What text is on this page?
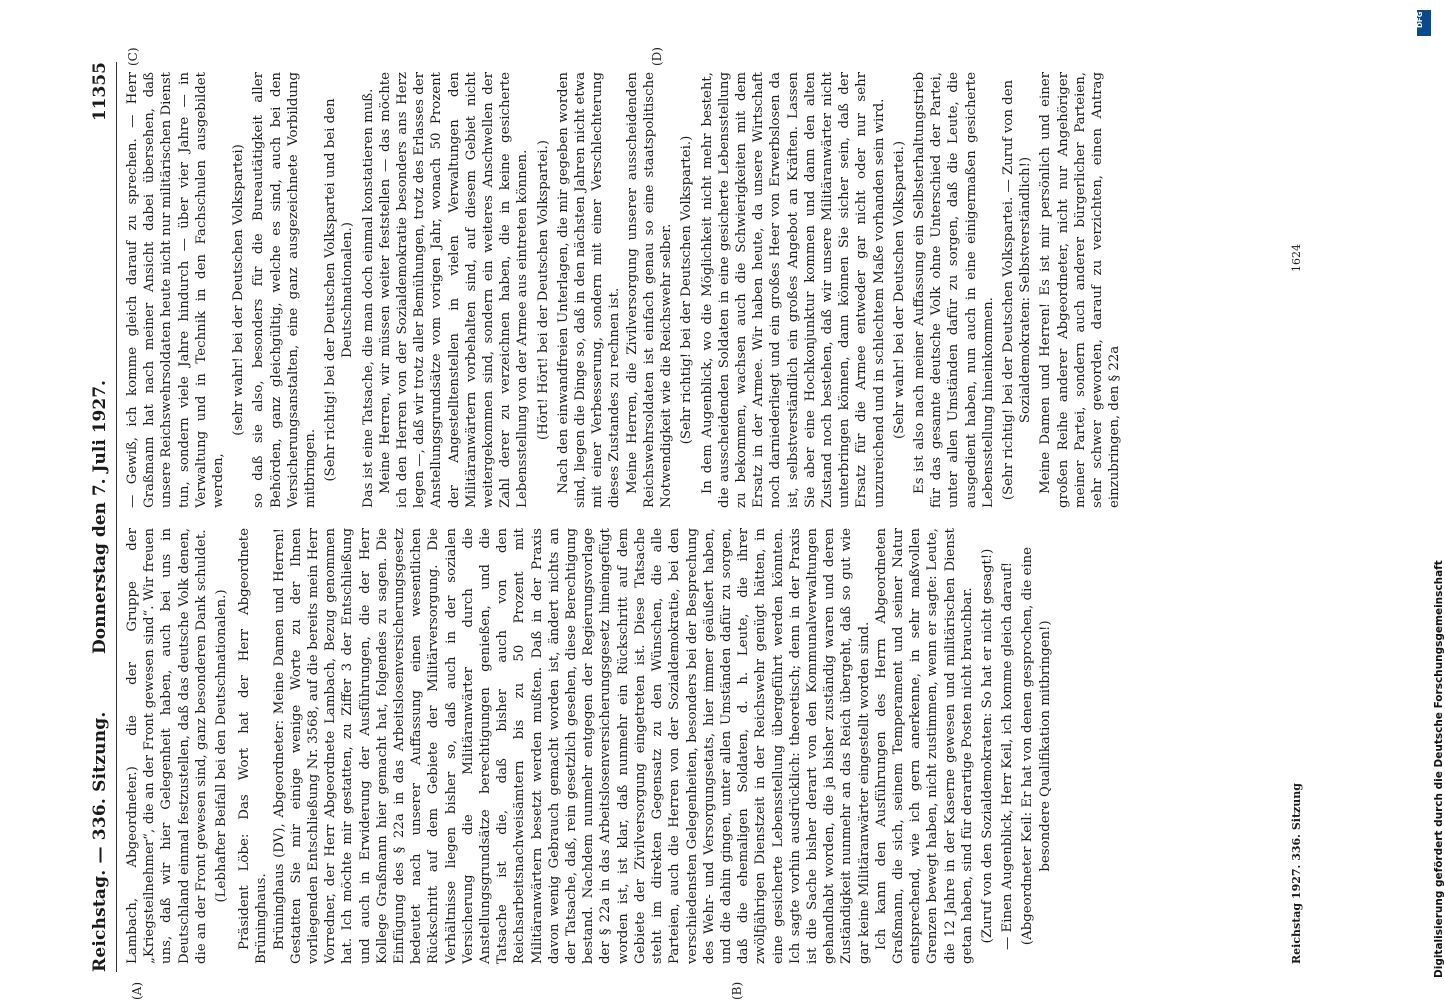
Reichstag. — 336. Sitzung.
Donnerstag den 7. Juli 1927.
11355
(A)	(B)
(C)	(D)

Lambach, Abgeordneter.) die der Gruppe der „Kriegsteilnehmer“, die an der Front gewesen sind“. Wir freuen uns, daß wir hier Gelegenheit haben, auch bei uns in Deutschland einmal festzustellen, daß das deutsche Volk denen, die an der Front gewesen sind, ganz besonderen Dank schuldet. (Lebhafter Beifall bei den Deutschnationalen.) Präsident Löbe: Das Wort hat der Herr Abgeordnete Brüninghaus. Brüninghaus (DV), Abgeordneter: Meine Damen und Herren! Gestatten Sie mir einige wenige Worte zu der Ihnen vorliegenden Entschließung Nr. 3568, auf die bereits mein Herr Vorredner, der Herr Abgeordnete Lambach, Bezug genommen hat. Ich möchte mir gestatten, zu Ziffer 3 der Entschließung und auch in Erwiderung der Ausführungen, die der Herr Kollege Graßmann hier gemacht hat, folgendes zu sagen. Die Einfügung des § 22a in das Arbeitslosenversicherungsgesetz bedeutet nach unserer Auffassung einen wesentlichen Rückschritt auf dem Gebiete der Militärversorgung. Die Verhältnisse liegen bisher so, daß auch in der sozialen Versicherung die Militäranwärter durch die Anstellungsgrundsätze berechtigungen genießen, und die Tatsache ist die, daß bisher auch von den Reichsarbeitsnachweisämtern bis zu 50 Prozent mit Militäranwärtern besetzt werden mußten. Daß in der Praxis davon wenig Gebrauch gemacht worden ist, ändert nichts an der Tatsache, daß, rein gesetzlich gesehen, diese Berechtigung bestand. Nachdem nunmehr entgegen der Regierungsvorlage der § 22a in das Arbeitslosenversicherungsgesetz hineingefügt worden ist, ist klar, daß nunmehr ein Rückschritt auf dem Gebiete der Zivilversorgung eingetreten ist. Diese Tatsache steht im direkten Gegensatz zu den Wünschen, die alle Parteien, auch die Herren von der Sozialdemokratie, bei den verschiedensten Gelegenheiten, besonders bei der Besprechung des Wehr- und Versorgungsetats, hier immer geäußert haben, und die dahin gingen, unter allen Umständen dafür zu sorgen, daß die ehemaligen Soldaten, d. h. Leute, die ihrer zwölfjährigen Dienstzeit in der Reichswehr genügt hätten, in eine gesicherte Lebensstellung übergeführt werden könnten. Ich sagte vorhin ausdrücklich: theoretisch; denn in der Praxis ist die Sache bisher derart von den Kommunalverwaltungen gehandhabt worden, die ja bisher zuständig waren und deren Zuständigkeit nunmehr an das Reich übergeht, daß so gut wie gar keine Militäranwärter eingestellt worden sind. Ich kann den Ausführungen des Herrn Abgeordneten Graßmann, die sich, seinem Temperament und seiner Natur entsprechend, wie ich gern anerkenne, in sehr maßvollen Grenzen bewegt haben, nicht zustimmen, wenn er sagte: Leute, die 12 Jahre in der Kaserne gewesen und militärischen Dienst getan haben, sind für derartige Posten nicht brauchbar. (Zuruf von den Sozialdemokraten: So hat er nicht gesagt!) — Einen Augenblick, Herr Keil, ich komme gleich darauf! (Abgeordneter Keil: Er hat von denen gesprochen, die eine besondere Qualifikation mitbringen!)

— Gewiß, ich komme gleich darauf zu sprechen. — Herr Graßmann hat nach meiner Ansicht dabei übersehen, daß unsere Reichswehrsoldaten heute nicht nur militärischen Dienst tun, sondern viele Jahre hindurch — über vier Jahre — in Verwaltung und in Technik in den Fachschulen ausgebildet werden,

(sehr wahr! bei der Deutschen Volkspartei) so daß sie also, besonders für die Bureautätigkeit aller Behörden, ganz gleichgültig, welche es sind, auch bei den Versicherungsanstalten, eine ganz ausgezeichnete Vorbildung mitbringen. (Sehr richtig! bei der Deutschen Volkspartei und bei den Deutschnationalen.) Das ist eine Tatsache, die man doch einmal konstatieren muß. Meine Herren, wir müssen weiter feststellen — das möchte ich den Herren von der Sozialdemokratie besonders ans Herz legen —, daß wir trotz aller Bemühungen, trotz des Erlasses der Anstellungsgrundsätze vom vorigen Jahr, wonach 50 Prozent der Angestelltenstellen in vielen Verwaltungen den Militäranwärtern vorbehalten sind, auf diesem Gebiet nicht weitergekommen sind, sondern ein weiteres Anschwellen der Zahl derer zu verzeichnen haben, die in keine gesicherte Lebensstellung von der Armee aus eintreten können. (Hört! Hört! bei der Deutschen Volkspartei.) Nach den einwandfreien Unterlagen, die mir gegeben worden sind, liegen die Dinge so, daß in den nächsten Jahren nicht etwa mit einer Verbesserung, sondern mit einer Verschlechterung dieses Zustandes zu rechnen ist. Meine Herren, die Zivilversorgung unserer ausscheidenden Reichswehrsoldaten ist einfach genau so eine staatspolitische Notwendigkeit wie die Reichswehr selber. (Sehr richtig! bei der Deutschen Volkspartei.) In dem Augenblick, wo die Möglichkeit nicht mehr besteht, die ausscheidenden Soldaten in eine gesicherte Lebensstellung zu bekommen, wachsen auch die Schwierigkeiten mit dem Ersatz in der Armee. Wir haben heute, da unsere Wirtschaft noch darniederliegt und ein großes Heer von Erwerbslosen da ist, selbstverständlich ein großes Angebot an Kräften. Lassen Sie aber eine Hochkonjunktur kommen und dann den alten Zustand noch bestehen, daß wir unsere Militäranwärter nicht unterbringen können, dann können Sie sicher sein, daß der Ersatz für die Armee entweder gar nicht oder nur sehr unzureichend und in schlechtem Maße vorhanden sein wird. (Sehr wahr! bei der Deutschen Volkspartei.) Es ist also nach meiner Auffassung ein Selbsterhaltungstrieb für das gesamte deutsche Volk ohne Unterschied der Partei, unter allen Umständen dafür zu sorgen, daß die Leute, die ausgedient haben, nun auch in eine einigermaßen gesicherte Lebensstellung hineinkommen. (Sehr richtig! bei der Deutschen Volkspartei. — Zuruf von den Sozialdemokraten: Selbstverständlich!) Meine Damen und Herren! Es ist mir persönlich und einer großen Reihe anderer Abgeordneter, nicht nur Angehöriger meiner Partei, sondern auch anderer bürgerlicher Parteien, sehr schwer geworden, darauf zu verzichten, einen Antrag einzubringen, den § 22a

Reichstag 1927. 336. Sitzung
1624
DFG
Digitalisierung gefördert durch die Deutsche Forschungsgemeinschaft
